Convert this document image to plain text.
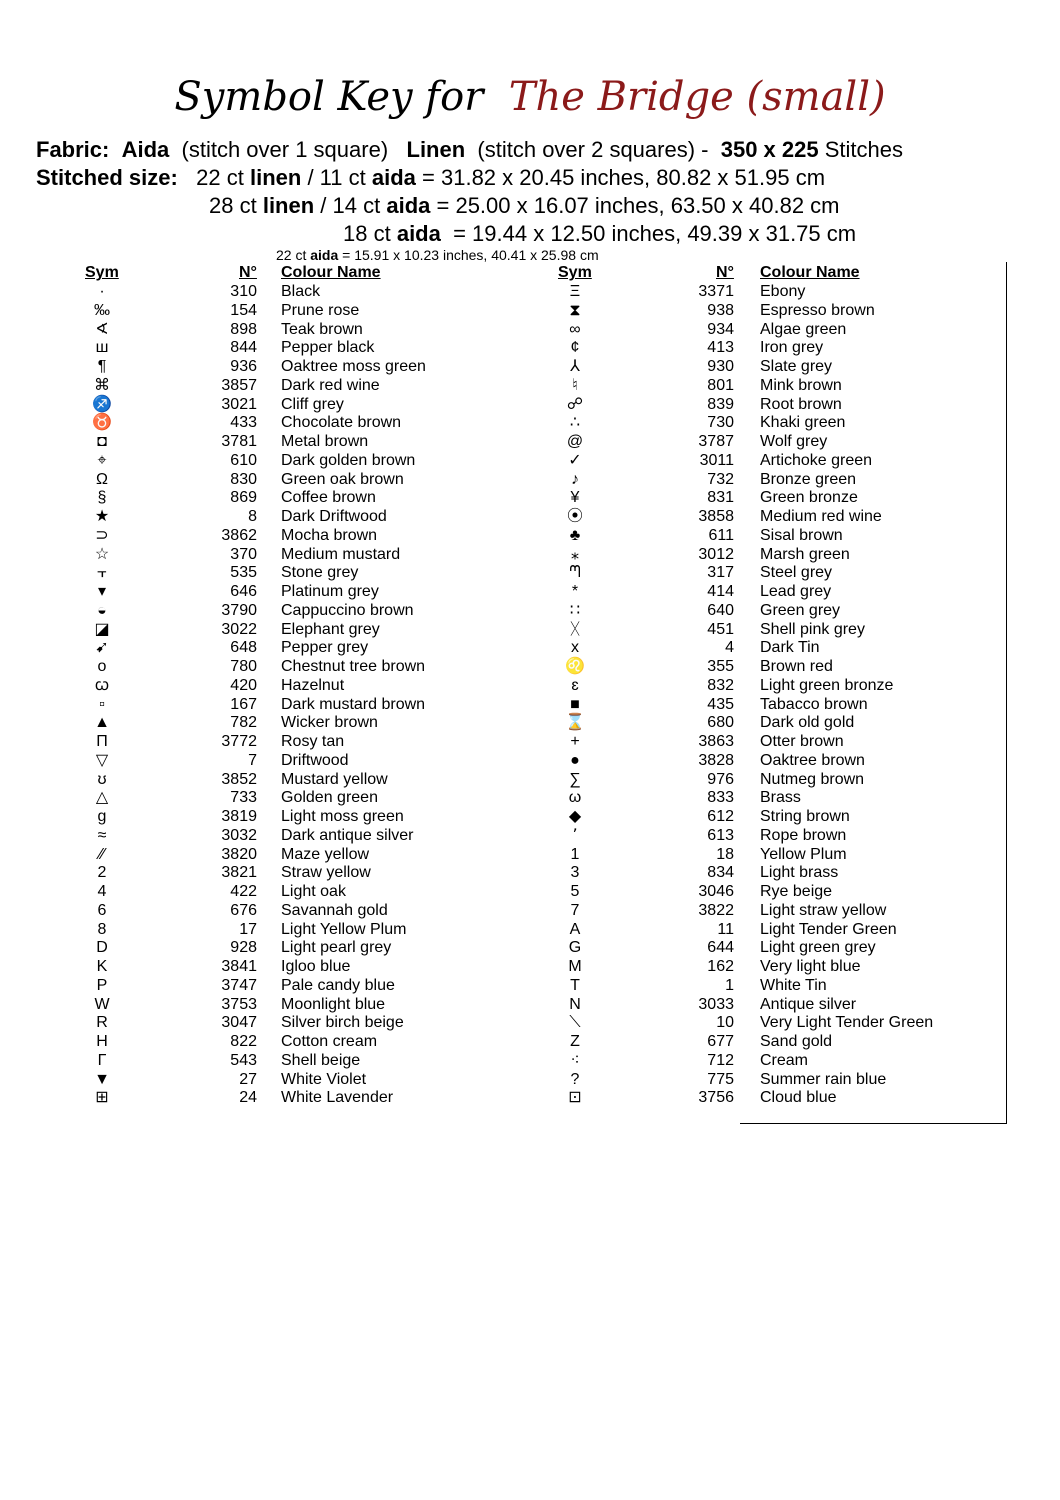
Symbol Key for The Bridge (small)
Fabric: Aida (stitch over 1 square) Linen (stitch over 2 squares) - 350 x 225 Stitches
Stitched size: 22 ct linen / 11 ct aida = 31.82 x 20.45 inches, 80.82 x 51.95 cm
28 ct linen / 14 ct aida = 25.00 x 16.07 inches, 63.50 x 40.82 cm
18 ct aida = 19.44 x 12.50 inches, 49.39 x 31.75 cm
22 ct aida = 15.91 x 10.23 inches, 40.41 x 25.98 cm
Sym	N° Colour Name	Sym	N° Colour Name
·	310 Black
‰	154 Prune rose
∢	898 Teak brown
ш	844 Pepper black
¶	936 Oaktree moss green
⌘	3857 Dark red wine
♐	3021 Cliff grey
♉	433 Chocolate brown
◘	3781 Metal brown
⌖	610 Dark golden brown
Ω	830 Green oak brown
§	869 Coffee brown
★	8 Dark Driftwood
⊃	3862 Mocha brown
☆	370 Medium mustard
⫟	535 Stone grey
▾	646 Platinum grey
◒	3790 Cappuccino brown
◪	3022 Elephant grey
➹	648 Pepper grey
o	780 Chestnut tree brown
ꞷ	420 Hazelnut
▫	167 Dark mustard brown
▲	782 Wicker brown
Π	3772 Rosy tan
▽	7 Driftwood
ʊ	3852 Mustard yellow
△	733 Golden green
g	3819 Light moss green
≈	3032 Dark antique silver
⁄⁄	3820 Maze yellow
2	3821 Straw yellow
4	422 Light oak
6	676 Savannah gold
8	17 Light Yellow Plum
D	928 Light pearl grey
K	3841 Igloo blue
P	3747 Pale candy blue
W	3753 Moonlight blue
R	3047 Silver birch beige
H	822 Cotton cream
Γ	543 Shell beige
▼	27 White Violet
⊞	24 White Lavender
Ξ	3371 Ebony
⧗	938 Espresso brown
∞	934 Algae green
¢	413 Iron grey
⅄	930 Slate grey
♮	801 Mink brown
☍	839 Root brown
∴	730 Khaki green
@	3787 Wolf grey
✓	3011 Artichoke green
♪	732 Bronze green
¥	831 Green bronze
⦿	3858 Medium red wine
♣	611 Sisal brown
⁎	3012 Marsh green
ᘉ	317 Steel grey
*	414 Lead grey
∷	640 Green grey
ᚷ	451 Shell pink grey
x	4 Dark Tin
♌	355 Brown red
ɛ	832 Light green bronze
■	435 Tabacco brown
⌛	680 Dark old gold
+	3863 Otter brown
●	3828 Oaktree brown
∑	976 Nutmeg brown
ω	833 Brass
◆	612 String brown
٬	613 Rope brown
1	18 Yellow Plum
3	834 Light brass
5	3046 Rye beige
7	3822 Light straw yellow
A	11 Light Tender Green
G	644 Light green grey
M	162 Very light blue
T	1 White Tin
N	3033 Antique silver
⟍	10 Very Light Tender Green
Z	677 Sand gold
⁖	712 Cream
?	775 Summer rain blue
⊡	3756 Cloud blue
